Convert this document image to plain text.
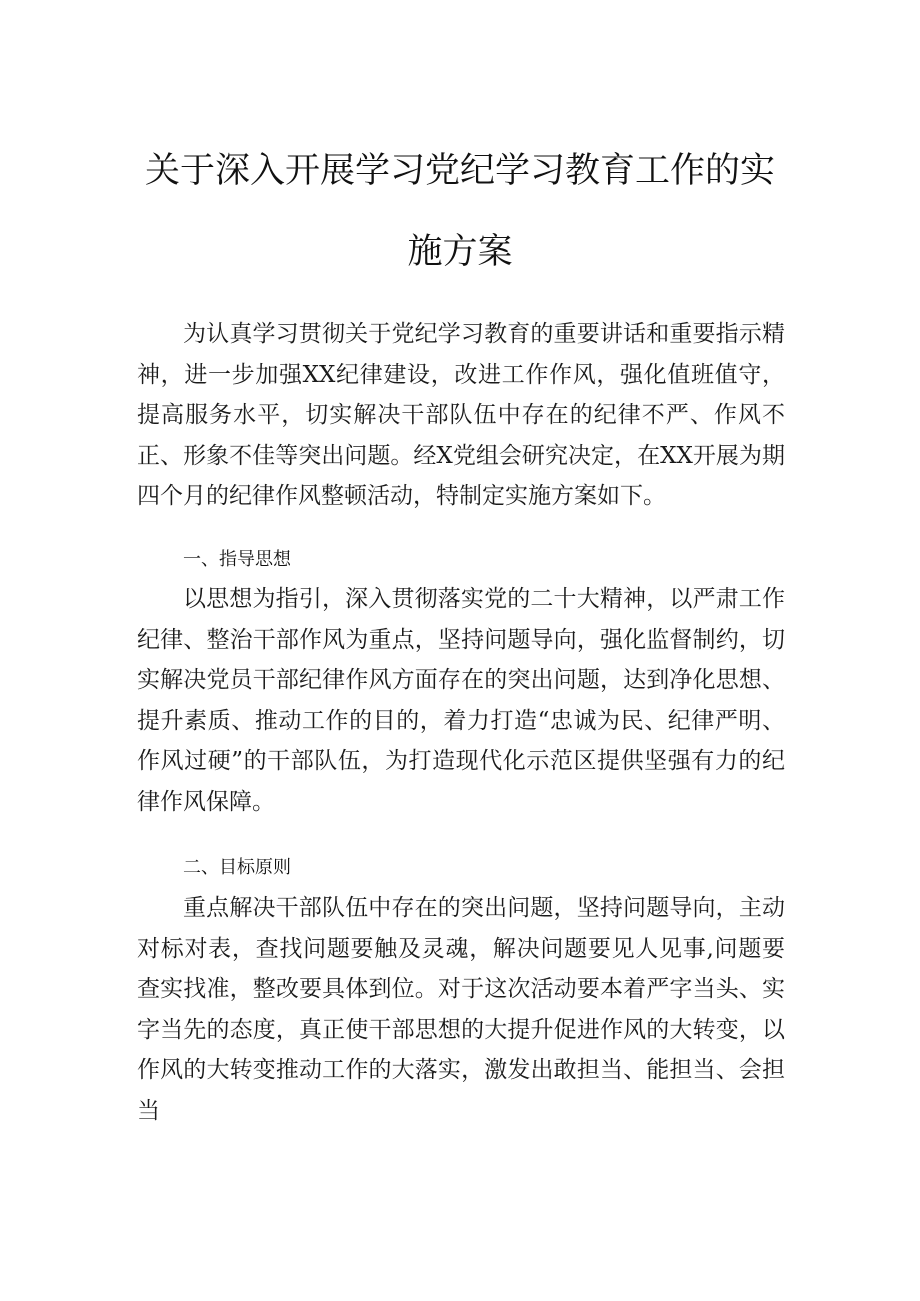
关于深入开展学习党纪学习教育工作的实
施方案

为认真学习贯彻关于党纪学习教育的重要讲话和重要指示精神，进一步加强XX纪律建设，改进工作作风，强化值班值守，提高服务水平，切实解决干部队伍中存在的纪律不严、作风不正、形象不佳等突出问题。经X党组会研究决定，在XX开展为期四个月的纪律作风整顿活动，特制定实施方案如下。

一、指导思想

以思想为指引，深入贯彻落实党的二十大精神，以严肃工作纪律、整治干部作风为重点，坚持问题导向，强化监督制约，切实解决党员干部纪律作风方面存在的突出问题，达到净化思想、提升素质、推动工作的目的，着力打造“忠诚为民、纪律严明、作风过硬”的干部队伍，为打造现代化示范区提供坚强有力的纪律作风保障。

二、目标原则

重点解决干部队伍中存在的突出问题，坚持问题导向，主动对标对表，查找问题要触及灵魂，解决问题要见人见事,问题要查实找准，整改要具体到位。对于这次活动要本着严字当头、实字当先的态度，真正使干部思想的大提升促进作风的大转变，以作风的大转变推动工作的大落实，激发出敢担当、能担当、会担当
